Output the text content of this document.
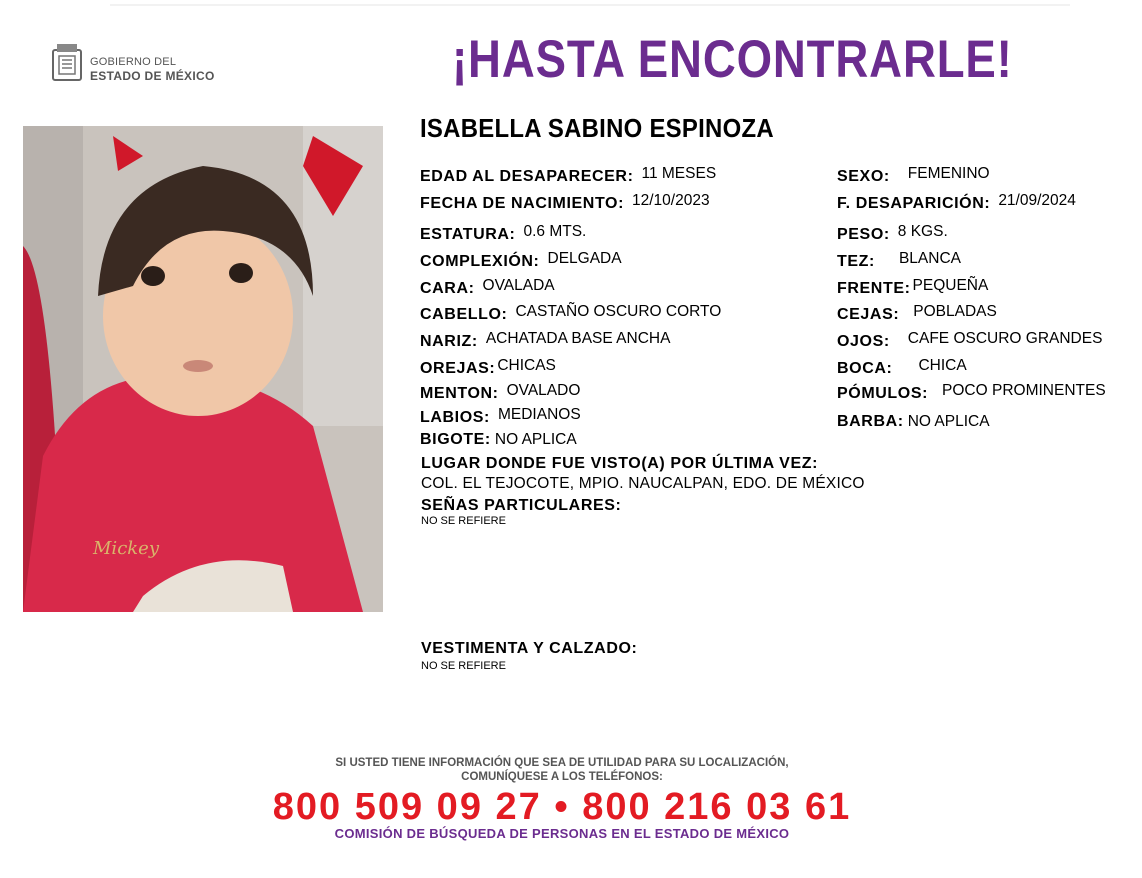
GOBIERNO DEL
ESTADO DE MÉXICO	¡HASTA ENCONTRARLE!
Mickey
ISABELLA SABINO ESPINOZA
EDAD AL DESAPARECER: 11 MESES
FECHA DE NACIMIENTO: 12/10/2023
ESTATURA: 0.6 MTS.
COMPLEXIÓN: DELGADA
CARA: OVALADA
CABELLO: CASTAÑO OSCURO CORTO
NARIZ: ACHATADA BASE ANCHA
OREJAS: CHICAS
MENTON: OVALADO
LABIOS: MEDIANOS
BIGOTE: NO APLICA
SEXO: FEMENINO
F. DESAPARICIÓN: 21/09/2024
PESO: 8 KGS.
TEZ: BLANCA
FRENTE: PEQUEÑA
CEJAS: POBLADAS
OJOS: CAFE OSCURO GRANDES
BOCA: CHICA
PÓMULOS: POCO PROMINENTES
BARBA: NO APLICA
LUGAR DONDE FUE VISTO(A) POR ÚLTIMA VEZ:
COL. EL TEJOCOTE, MPIO. NAUCALPAN, EDO. DE MÉXICO
SEÑAS PARTICULARES:
NO SE REFIERE
VESTIMENTA Y CALZADO:
NO SE REFIERE
SI USTED TIENE INFORMACIÓN QUE SEA DE UTILIDAD PARA SU LOCALIZACIÓN,
COMUNÍQUESE A LOS TELÉFONOS:
800 509 09 27 • 800 216 03 61
COMISIÓN DE BÚSQUEDA DE PERSONAS EN EL ESTADO DE MÉXICO
